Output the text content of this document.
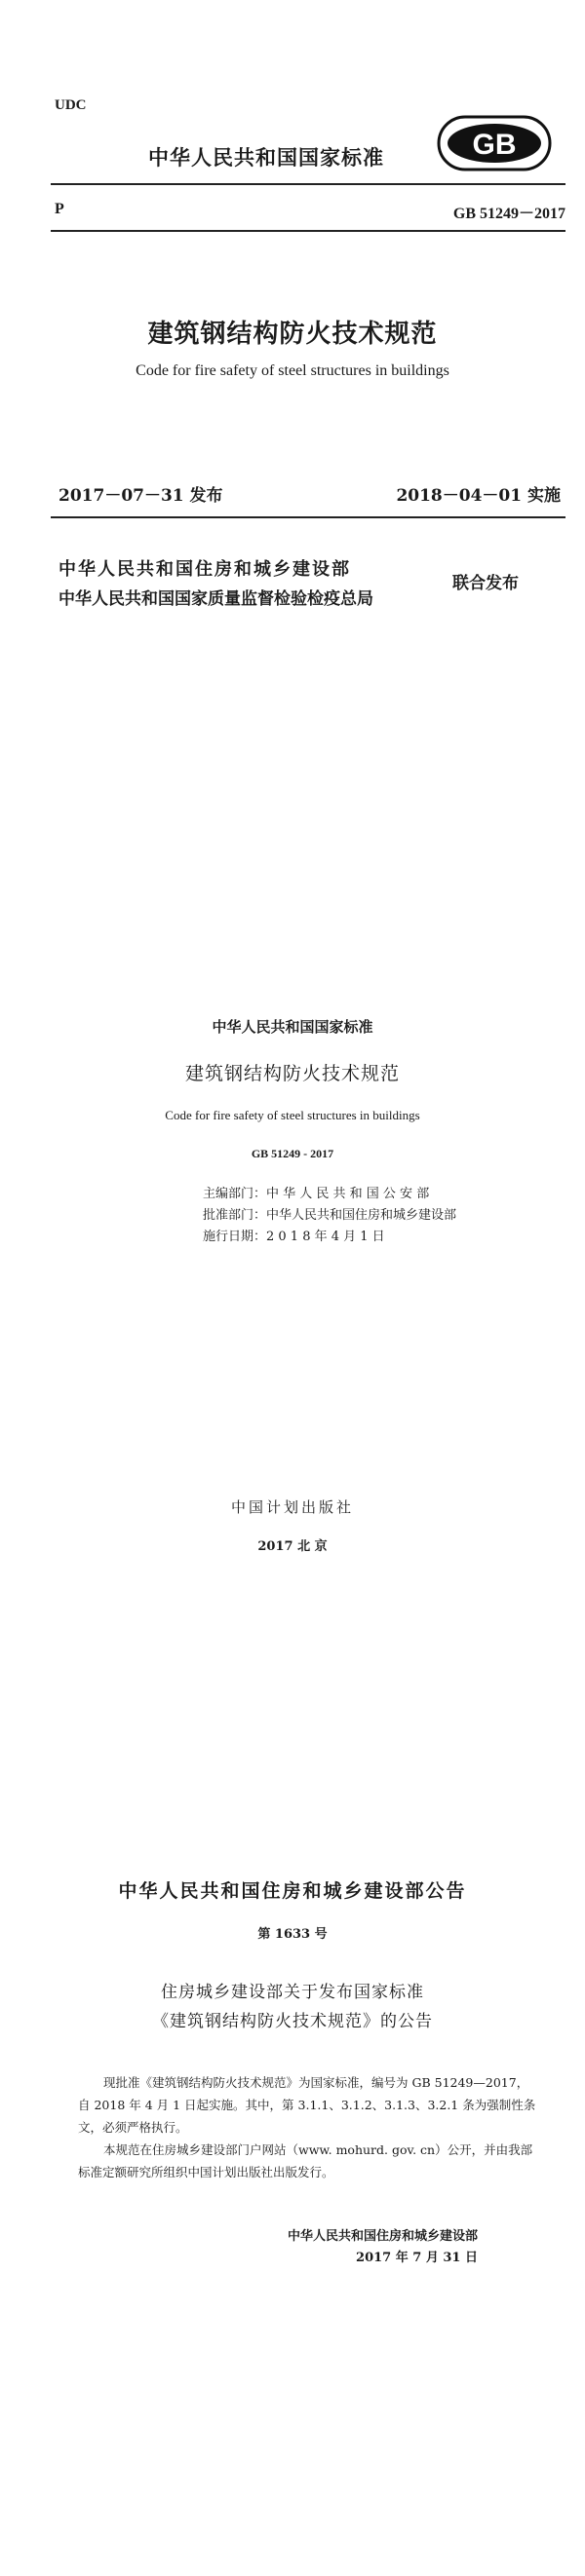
UDC
中华人民共和国国家标准	GB
P	GB 51249－2017
建筑钢结构防火技术规范
Code for fire safety of steel structures in buildings
2017－07－31 发布	2018－04－01 实施
中华人民共和国住房和城乡建设部
中华人民共和国国家质量监督检验检疫总局
联合发布
中华人民共和国国家标准
建筑钢结构防火技术规范
Code for fire safety of steel structures in buildings
GB 51249 - 2017
主编部门：中 华 人 民 共 和 国 公 安 部
批准部门：中华人民共和国住房和城乡建设部
施行日期：2 0 1 8 年 4 月 1 日
中国计划出版社
2017 北 京
中华人民共和国住房和城乡建设部公告
第 1633 号
住房城乡建设部关于发布国家标准
《建筑钢结构防火技术规范》的公告
现批准《建筑钢结构防火技术规范》为国家标准，编号为 GB 51249—2017，自 2018 年 4 月 1 日起实施。其中，第 3.1.1、3.1.2、3.1.3、3.2.1 条为强制性条文，必须严格执行。
本规范在住房城乡建设部门户网站（www. mohurd. gov. cn）公开，并由我部标准定额研究所组织中国计划出版社出版发行。
中华人民共和国住房和城乡建设部
2017 年 7 月 31 日
